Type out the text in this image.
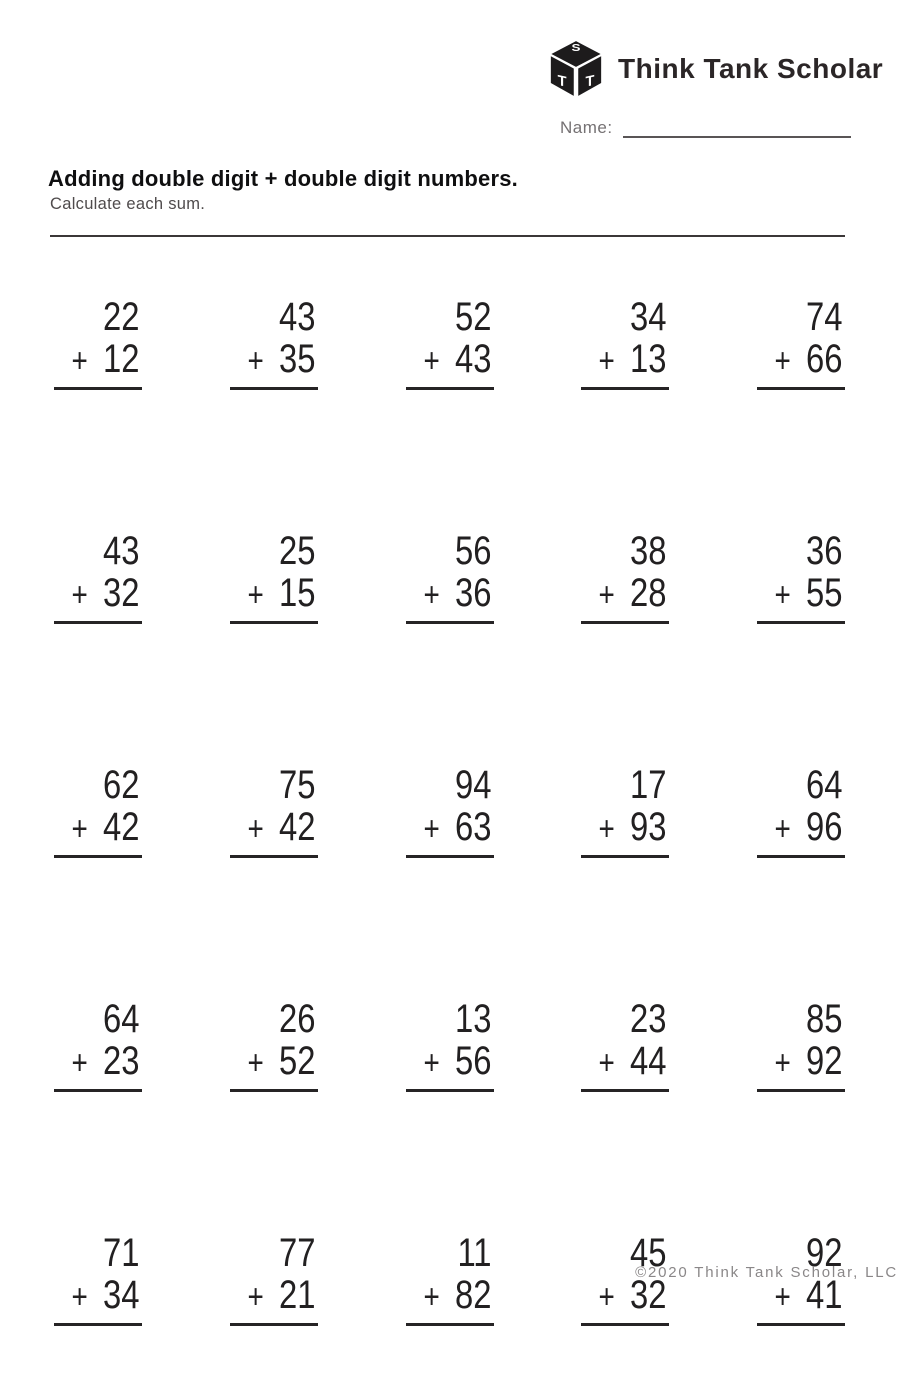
S
T T Think Tank Scholar
Name:
Adding double digit + double digit numbers.

Calculate each sum.

22
+ 12
43
+ 35
52
+ 43
34
+ 13
74
+ 66
43
+ 32
25
+ 15
56
+ 36
38
+ 28
36
+ 55
62
+ 42
75
+ 42
94
+ 63
17
+ 93
64
+ 96
64
+ 23
26
+ 52
13
+ 56
23
+ 44
85
+ 92
71
+ 34
77
+ 21
11
+ 82
45
+ 32
92
+ 41
©2020 Think Tank Scholar, LLC
